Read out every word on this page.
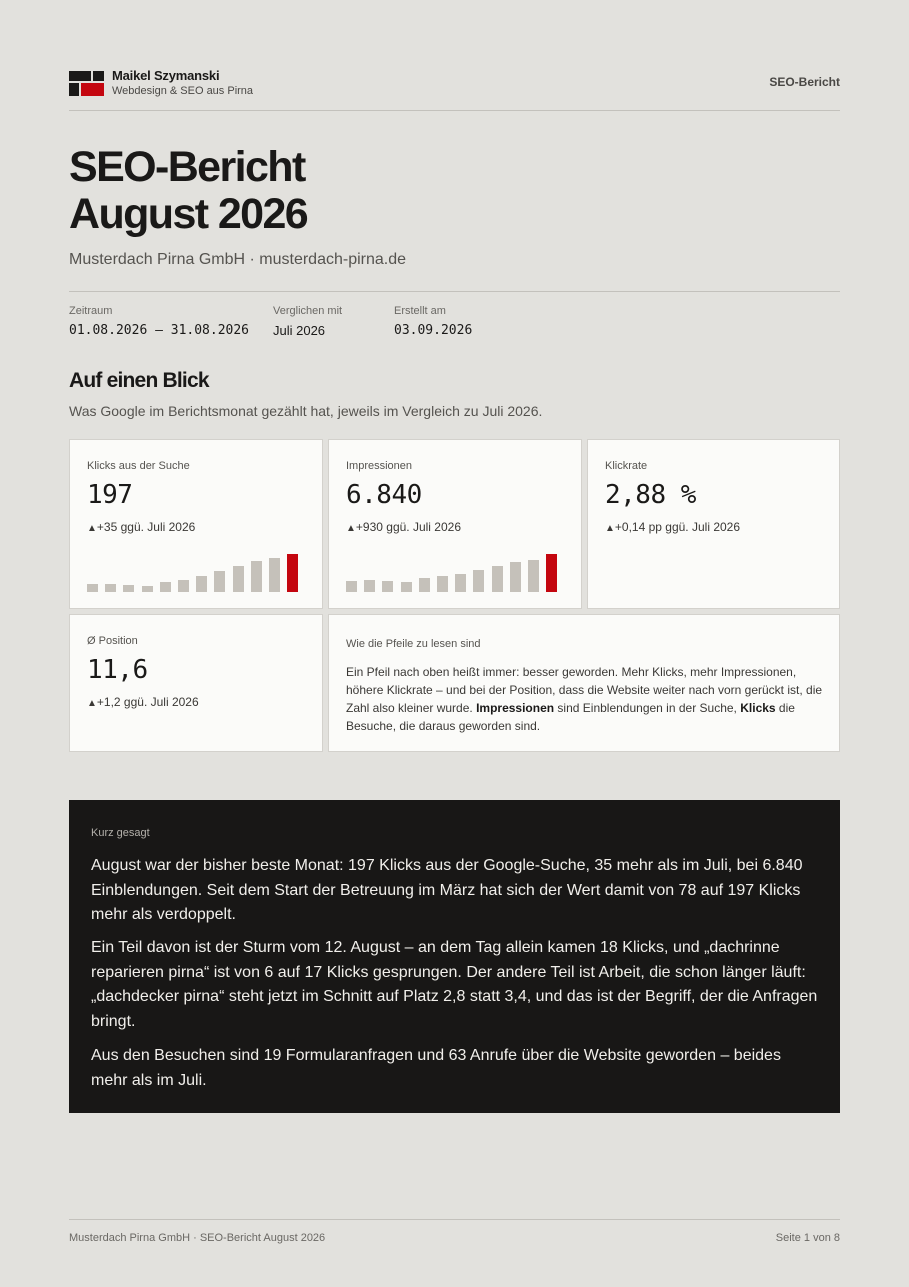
Maikel Szymanski
Webdesign & SEO aus Pirna
SEO-Bericht
SEO-Bericht
August 2026
Musterdach Pirna GmbH · musterdach-pirna.de
Zeitraum
01.08.2026 – 31.08.2026
Verglichen mit
Juli 2026
Erstellt am
03.09.2026
Auf einen Blick
Was Google im Berichtsmonat gezählt hat, jeweils im Vergleich zu Juli 2026.
Klicks aus der Suche
197
▲+35 ggü. Juli 2026
Impressionen
6.840
▲+930 ggü. Juli 2026
Klickrate
2,88 %
▲+0,14 pp ggü. Juli 2026
Ø Position
11,6
▲+1,2 ggü. Juli 2026
Wie die Pfeile zu lesen sind
Ein Pfeil nach oben heißt immer: besser geworden. Mehr Klicks, mehr Impressionen, höhere Klickrate – und bei der Position, dass die Website weiter nach vorn gerückt ist, die Zahl also kleiner wurde. Impressionen sind Einblendungen in der Suche, Klicks die Besuche, die daraus geworden sind.
Kurz gesagt
August war der bisher beste Monat: 197 Klicks aus der Google-Suche, 35 mehr als im Juli, bei 6.840 Einblendungen. Seit dem Start der Betreuung im März hat sich der Wert damit von 78 auf 197 Klicks mehr als verdoppelt.
Ein Teil davon ist der Sturm vom 12. August – an dem Tag allein kamen 18 Klicks, und „dachrinne reparieren pirna“ ist von 6 auf 17 Klicks gesprungen. Der andere Teil ist Arbeit, die schon länger läuft: „dachdecker pirna“ steht jetzt im Schnitt auf Platz 2,8 statt 3,4, und das ist der Begriff, der die Anfragen bringt.
Aus den Besuchen sind 19 Formularanfragen und 63 Anrufe über die Website geworden – beides mehr als im Juli.
Musterdach Pirna GmbH · SEO-Bericht August 2026	Seite 1 von 8
